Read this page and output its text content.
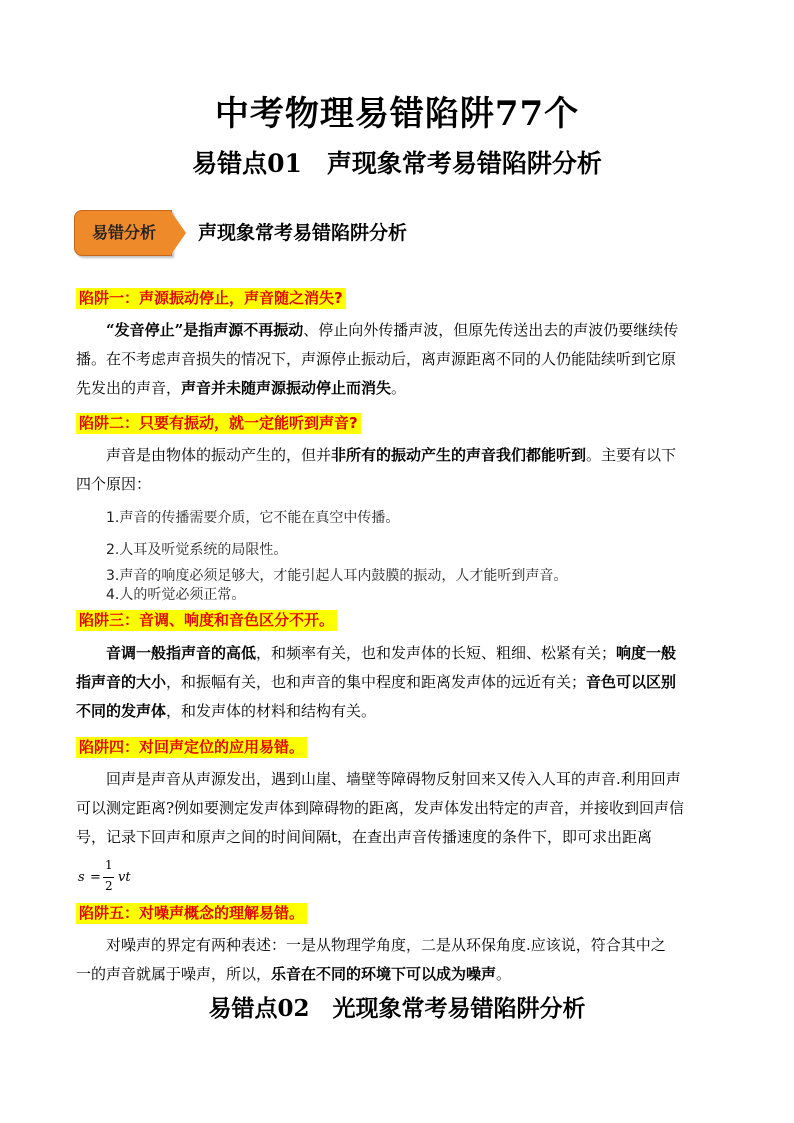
中考物理易错陷阱77个
易错点01　声现象常考易错陷阱分析
易错分析	声现象常考易错陷阱分析
陷阱一：声源振动停止，声音随之消失?

“发音停止”是指声源不再振动、停止向外传播声波，但原先传送出去的声波仍要继续传
播。在不考虑声音损失的情况下，声源停止振动后，离声源距离不同的人仍能陆续听到它原
先发出的声音，声音并未随声源振动停止而消失。

陷阱二：只要有振动，就一定能听到声音?

声音是由物体的振动产生的，但并非所有的振动产生的声音我们都能听到。主要有以下
四个原因：

1.声音的传播需要介质，它不能在真空中传播。
2.人耳及听觉系统的局限性。
3.声音的响度必须足够大，才能引起人耳内鼓膜的振动，人才能听到声音。
4.人的听觉必须正常。
陷阱三：音调、响度和音色区分不开。

音调一般指声音的高低，和频率有关，也和发声体的长短、粗细、松紧有关；响度一般
指声音的大小，和振幅有关，也和声音的集中程度和距离发声体的远近有关；音色可以区别
不同的发声体，和发声体的材料和结构有关。

陷阱四：对回声定位的应用易错。

回声是声音从声源发出，遇到山崖、墙壁等障碍物反射回来又传入人耳的声音.利用回声
可以测定距离?例如要测定发声体到障碍物的距离，发声体发出特定的声音，并接收到回声信
号，记录下回声和原声之间的时间间隔t，在查出声音传播速度的条件下，即可求出距离

s =
1
2
vt
陷阱五：对噪声概念的理解易错。

对噪声的界定有两种表述：一是从物理学角度，二是从环保角度.应该说，符合其中之
一的声音就属于噪声，所以，乐音在不同的环境下可以成为噪声。

易错点02　光现象常考易错陷阱分析
